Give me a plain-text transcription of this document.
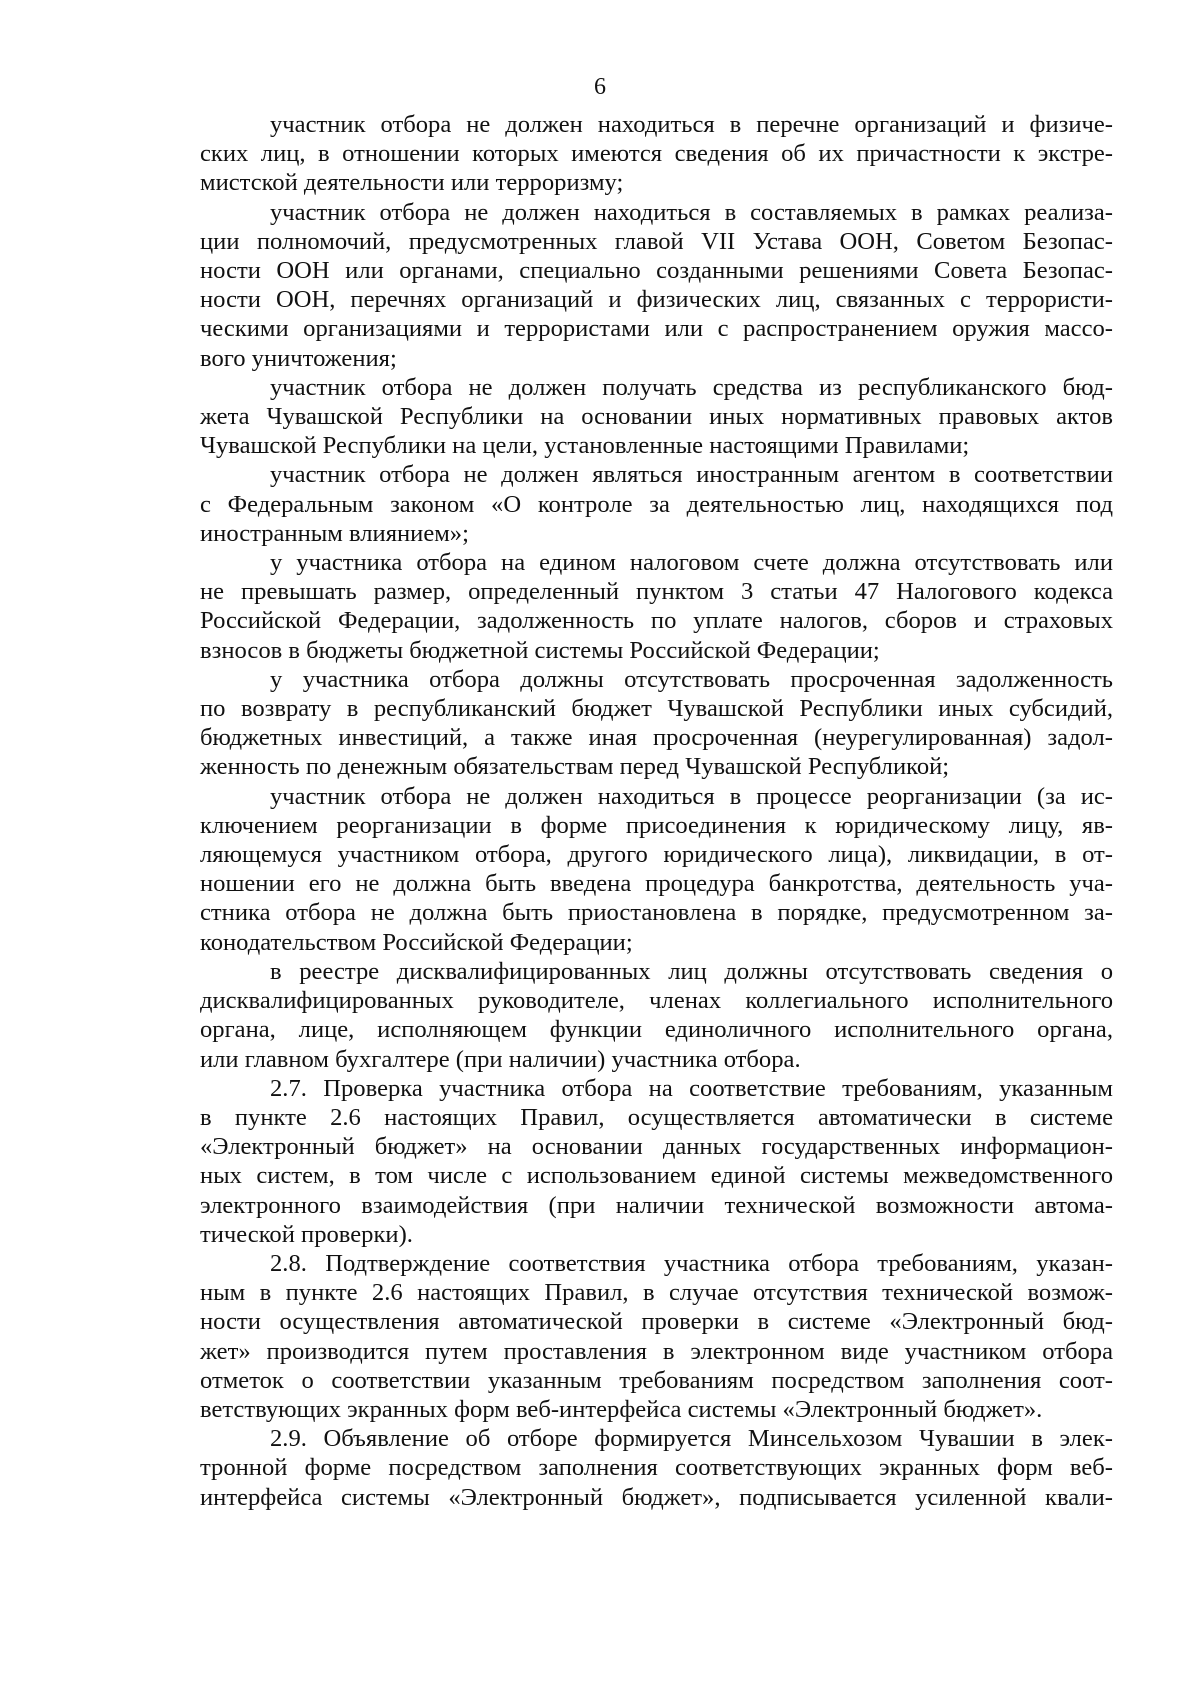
6
участник отбора не должен находиться в перечне организаций и физиче-
ских лиц, в отношении которых имеются сведения об их причастности к экстре-
мистской деятельности или терроризму;
участник отбора не должен находиться в составляемых в рамках реализа-
ции полномочий, предусмотренных главой VII Устава ООН, Советом Безопас-
ности ООН или органами, специально созданными решениями Совета Безопас-
ности ООН, перечнях организаций и физических лиц, связанных с террористи-
ческими организациями и террористами или с распространением оружия массо-
вого уничтожения;
участник отбора не должен получать средства из республиканского бюд-
жета Чувашской Республики на основании иных нормативных правовых актов
Чувашской Республики на цели, установленные настоящими Правилами;
участник отбора не должен являться иностранным агентом в соответствии
с Федеральным законом «О контроле за деятельностью лиц, находящихся под
иностранным влиянием»;
у участника отбора на едином налоговом счете должна отсутствовать или
не превышать размер, определенный пунктом 3 статьи 47 Налогового кодекса
Российской Федерации, задолженность по уплате налогов, сборов и страховых
взносов в бюджеты бюджетной системы Российской Федерации;
у участника отбора должны отсутствовать просроченная задолженность
по возврату в республиканский бюджет Чувашской Республики иных субсидий,
бюджетных инвестиций, а также иная просроченная (неурегулированная) задол-
женность по денежным обязательствам перед Чувашской Республикой;
участник отбора не должен находиться в процессе реорганизации (за ис-
ключением реорганизации в форме присоединения к юридическому лицу, яв-
ляющемуся участником отбора, другого юридического лица), ликвидации, в от-
ношении его не должна быть введена процедура банкротства, деятельность уча-
стника отбора не должна быть приостановлена в порядке, предусмотренном за-
конодательством Российской Федерации;
в реестре дисквалифицированных лиц должны отсутствовать сведения о
дисквалифицированных руководителе, членах коллегиального исполнительного
органа, лице, исполняющем функции единоличного исполнительного органа,
или главном бухгалтере (при наличии) участника отбора.
2.7. Проверка участника отбора на соответствие требованиям, указанным
в пункте 2.6 настоящих Правил, осуществляется автоматически в системе
«Электронный бюджет» на основании данных государственных информацион-
ных систем, в том числе с использованием единой системы межведомственного
электронного взаимодействия (при наличии технической возможности автома-
тической проверки).
2.8. Подтверждение соответствия участника отбора требованиям, указан-
ным в пункте 2.6 настоящих Правил, в случае отсутствия технической возмож-
ности осуществления автоматической проверки в системе «Электронный бюд-
жет» производится путем проставления в электронном виде участником отбора
отметок о соответствии указанным требованиям посредством заполнения соот-
ветствующих экранных форм веб-интерфейса системы «Электронный бюджет».
2.9. Объявление об отборе формируется Минсельхозом Чувашии в элек-
тронной форме посредством заполнения соответствующих экранных форм веб-
интерфейса системы «Электронный бюджет», подписывается усиленной квали-
